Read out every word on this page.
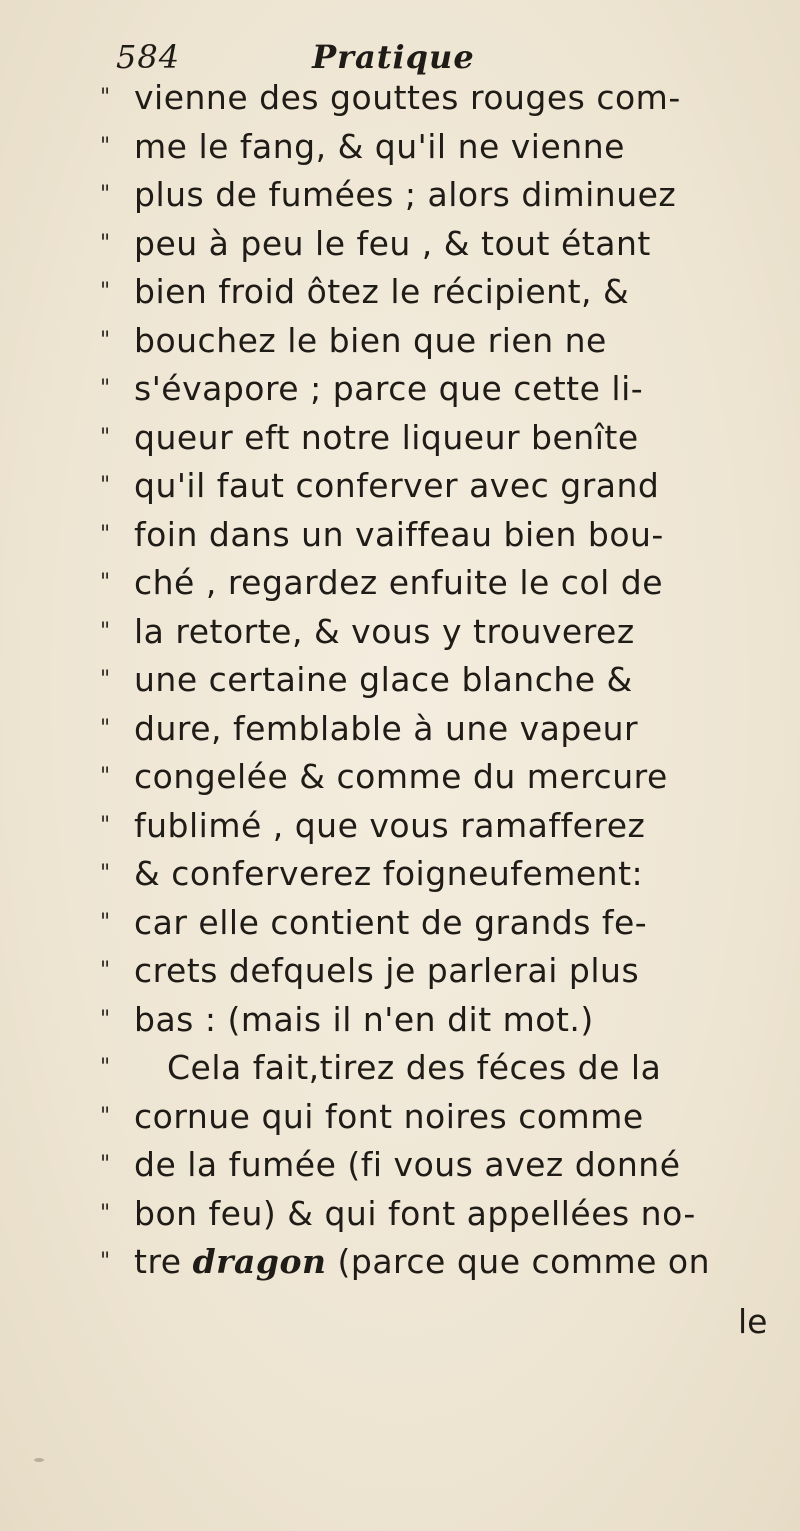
584	Pratique
" vienne des gouttes rouges com-
" me le fang, & qu'il ne vienne
" plus de fumées ; alors diminuez
" peu à peu le feu , & tout étant
" bien froid ôtez le récipient, &
" bouchez le bien que rien ne
" s'évapore ; parce que cette li-
" queur eft notre liqueur benîte
" qu'il faut conferver avec grand
" foin dans un vaiffeau bien bou-
" ché , regardez enfuite le col de
" la retorte, & vous y trouverez
" une certaine glace blanche &
" dure, femblable à une vapeur
" congelée & comme du mercure
" fublimé , que vous ramafferez
" & conferverez foigneufement:
" car elle contient de grands fe-
" crets defquels je parlerai plus
" bas : (mais il n'en dit mot.)
" Cela fait,tirez des féces de la
" cornue qui font noires comme
" de la fumée (fi vous avez donné
" bon feu) & qui font appellées no-
" tre dragon (parce que comme on
le
